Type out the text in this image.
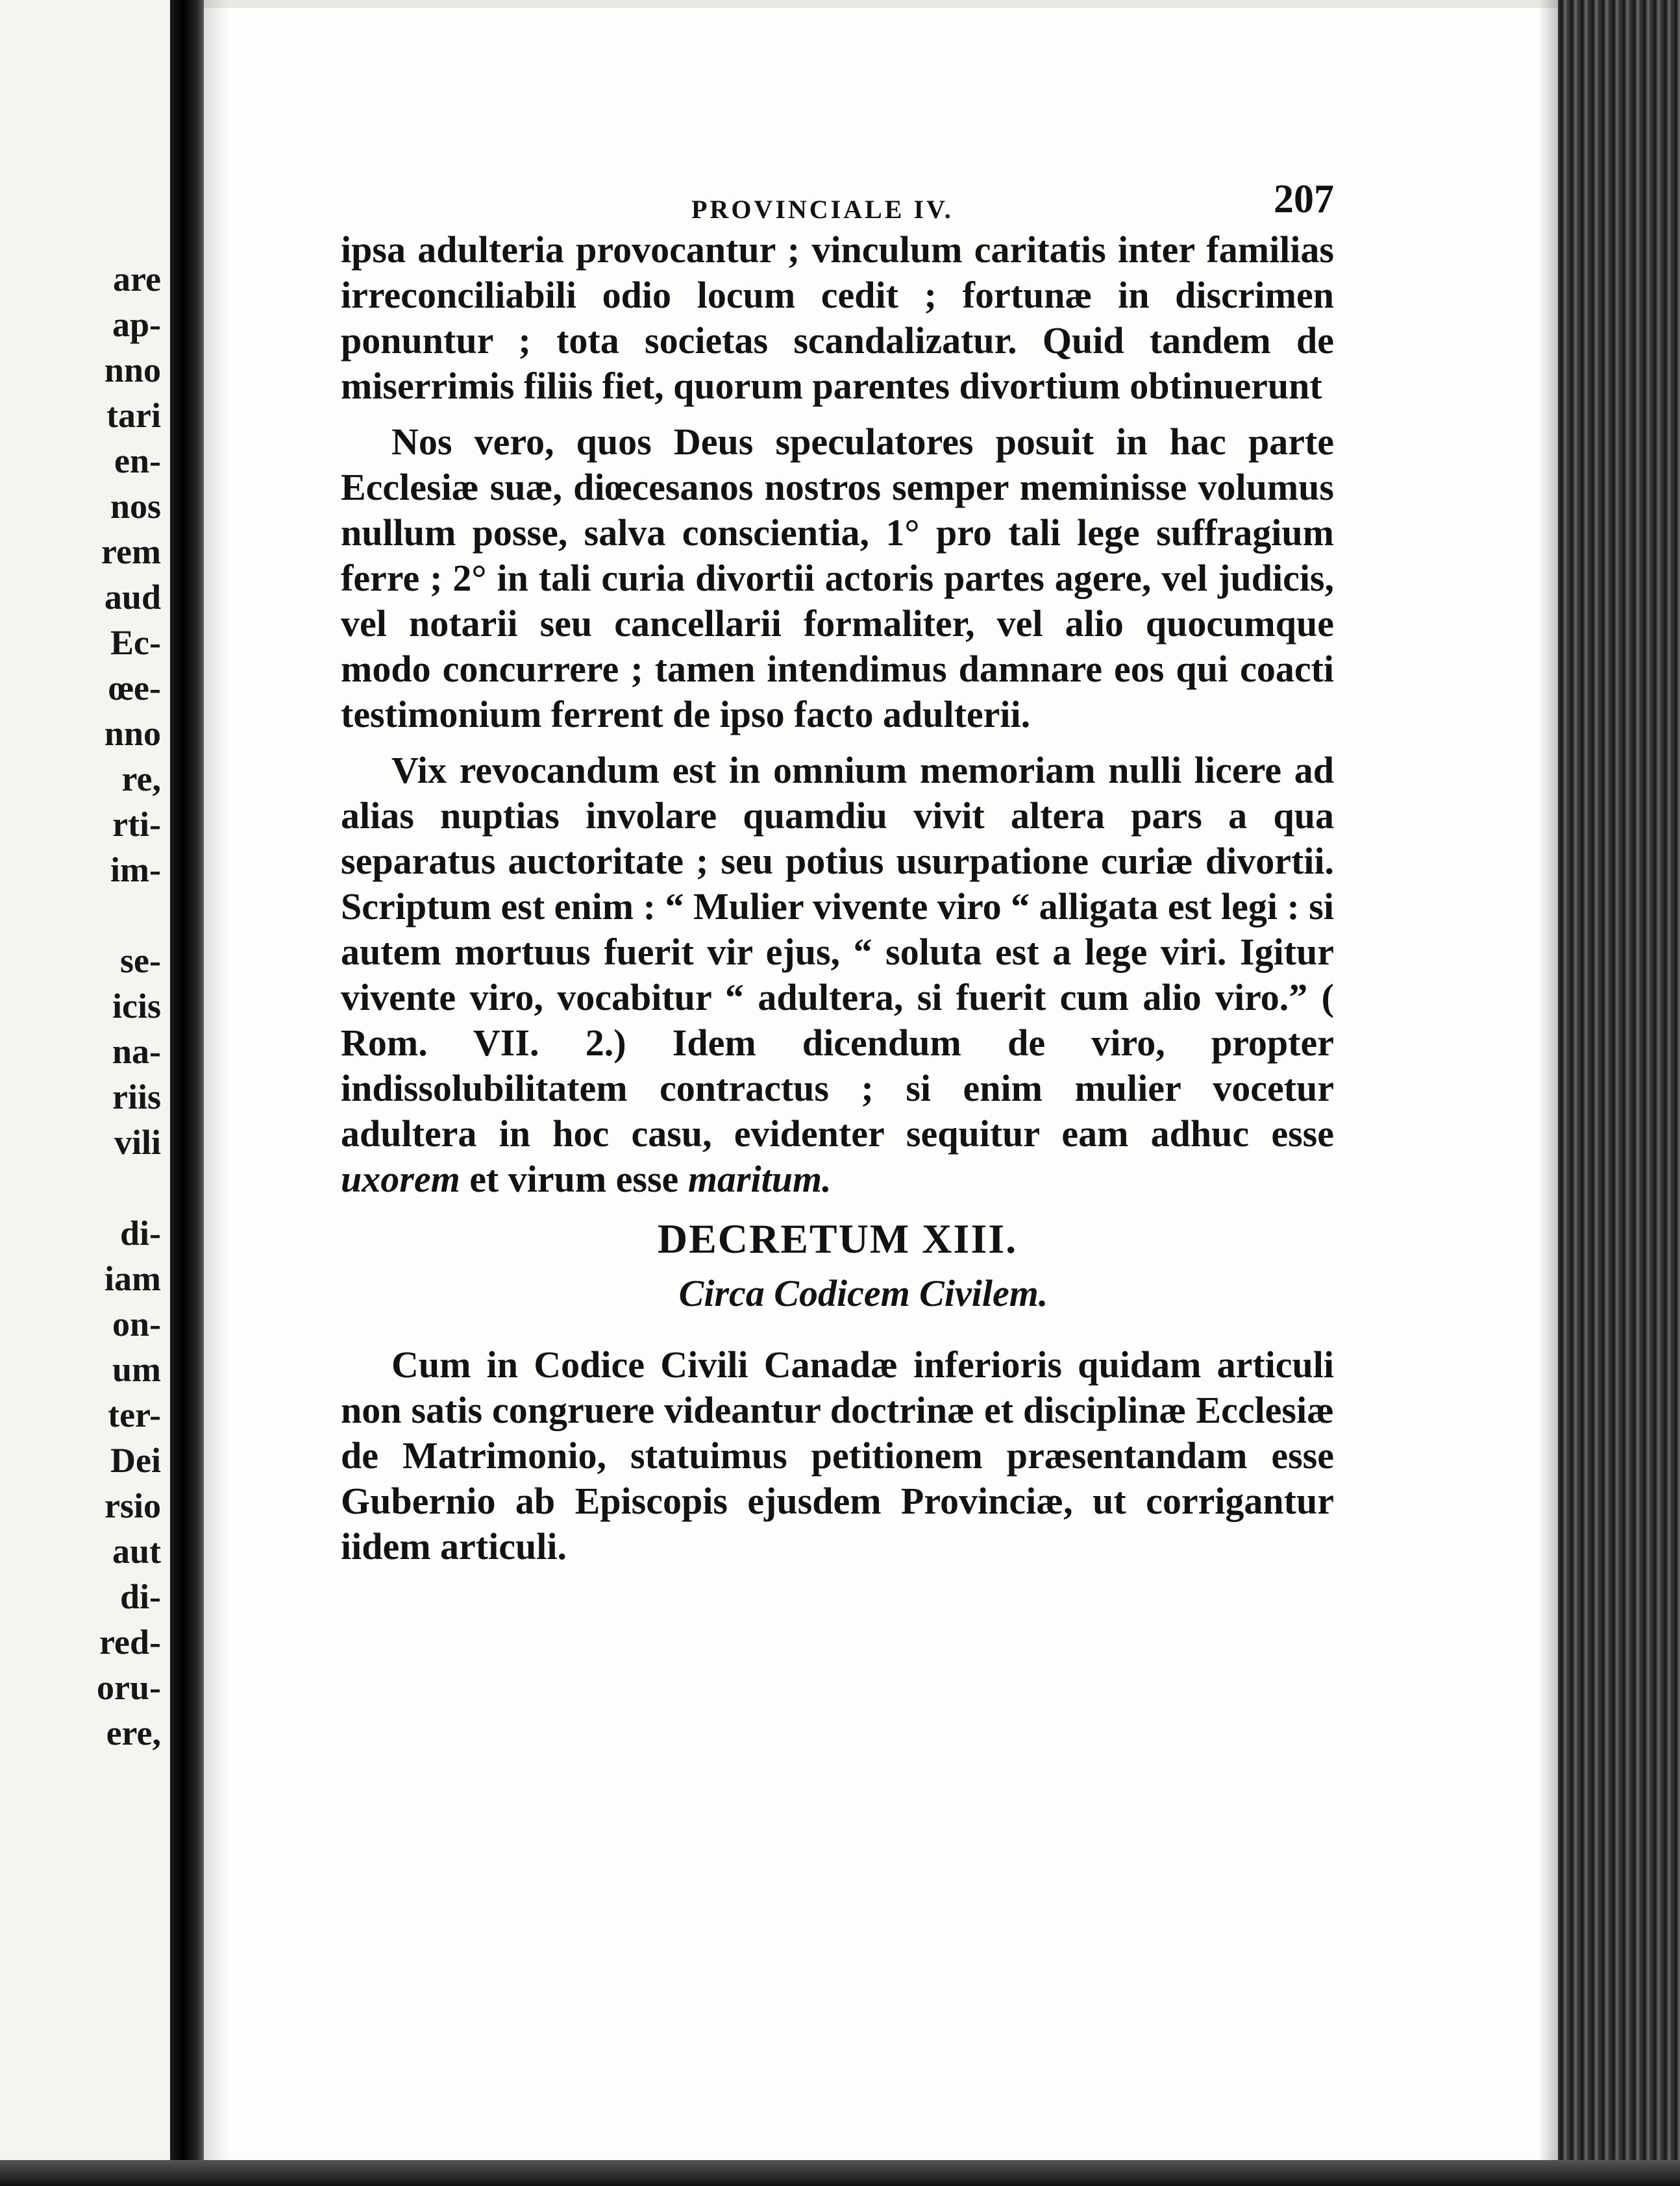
are
ap-
nno
tari
en-
nos
rem
aud
Ec-
œe-
nno
re,
rti-
im-
se-
icis
na-
riis
vili
di-
iam
on-
um
ter-
Dei
rsio
aut
di-
red-
oru-
ere,
PROVINCIALE IV.	207

ipsa adulteria provocantur ; vinculum caritatis inter familias irreconciliabili odio locum cedit ; fortunæ in discrimen ponuntur ; tota societas scandalizatur. Quid tandem de miserrimis filiis fiet, quorum parentes divortium obtinuerunt

Nos vero, quos Deus speculatores posuit in hac parte Ecclesiæ suæ, diœcesanos nostros semper meminisse volumus nullum posse, salva conscientia, 1° pro tali lege suffragium ferre ; 2° in tali curia divortii actoris partes agere, vel judicis, vel notarii seu cancellarii formaliter, vel alio quocumque modo concurrere ; tamen intendimus damnare eos qui coacti testimonium ferrent de ipso facto adulterii.

Vix revocandum est in omnium memoriam nulli licere ad alias nuptias involare quamdiu vivit altera pars a qua separatus auctoritate ; seu potius usurpatione curiæ divortii. Scriptum est enim : “ Mulier vivente viro “ alligata est legi : si autem mortuus fuerit vir ejus, “ soluta est a lege viri. Igitur vivente viro, vocabitur “ adultera, si fuerit cum alio viro.” ( Rom. VII. 2.) Idem dicendum de viro, propter indissolubilitatem contractus ; si enim mulier vocetur adultera in hoc casu, evidenter sequitur eam adhuc esse uxorem et virum esse maritum.

DECRETUM XIII.
Circa Codicem Civilem.

Cum in Codice Civili Canadæ inferioris quidam articuli non satis congruere videantur doctrinæ et disciplinæ Ecclesiæ de Matrimonio, statuimus petitionem præsentandam esse Gubernio ab Episcopis ejusdem Provinciæ, ut corrigantur iidem articuli.
